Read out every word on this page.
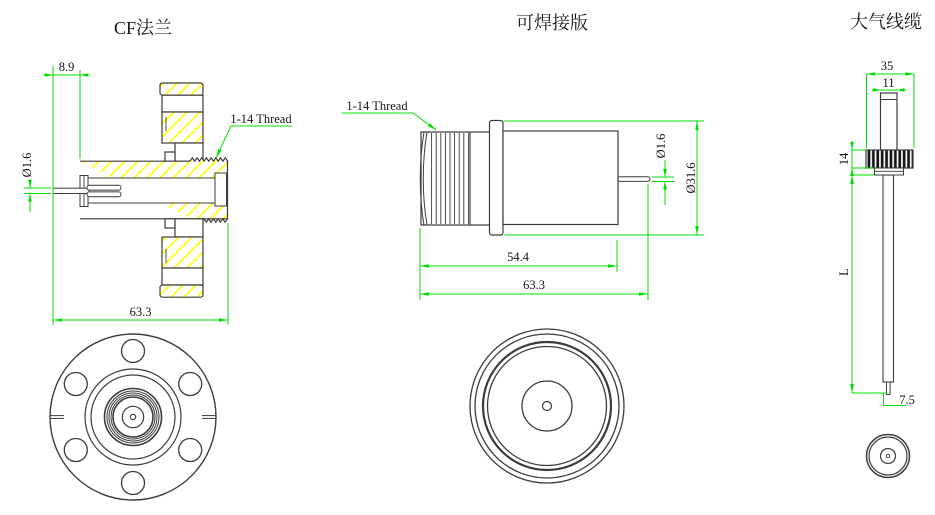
CF法兰
8.9
Ø1.6
1-14 Thread
63.3
可焊接版
1-14 Thread
Ø31.6
Ø1.6
54.4
63.3
大气线缆
35
11
14
L
7.5
